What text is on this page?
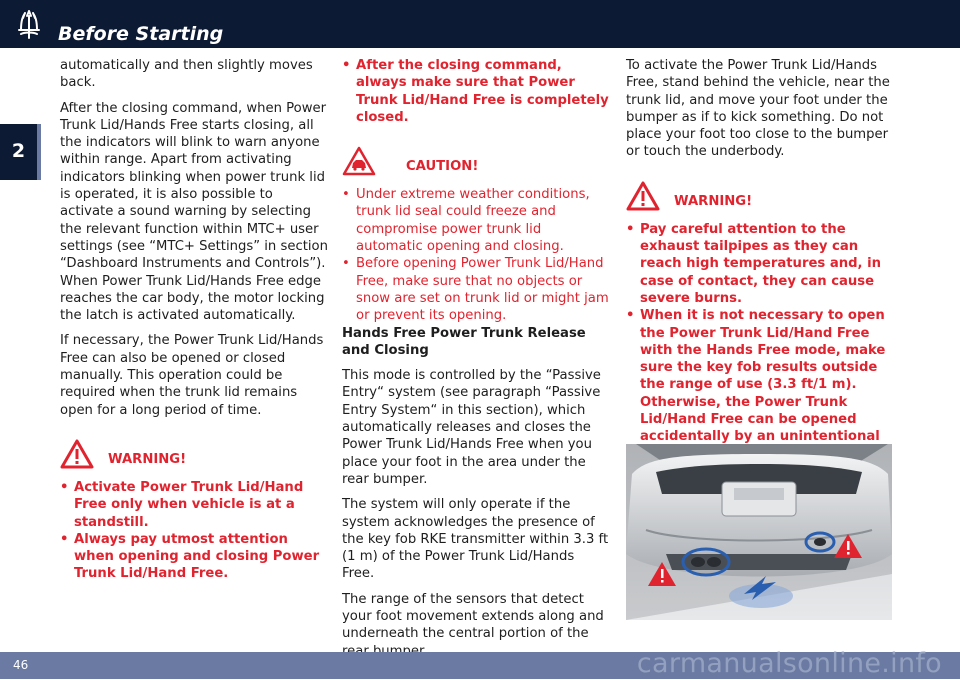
Before Starting
2

automatically and then slightly moves back.

After the closing command, when Power Trunk Lid/Hands Free starts closing, all the indicators will blink to warn anyone within range. Apart from activating indicators blinking when power trunk lid is operated, it is also possible to activate a sound warning by selecting the relevant function within MTC+ user settings (see “MTC+ Settings” in section “Dashboard Instruments and Controls”). When Power Trunk Lid/Hands Free edge reaches the car body, the motor locking the latch is activated automatically.

If necessary, the Power Trunk Lid/Hands Free can also be opened or closed manually. This operation could be required when the trunk lid remains open for a long period of time.

WARNING!
• Activate Power Trunk Lid/Hand Free only when vehicle is at a standstill.
• Always pay utmost attention when opening and closing Power Trunk Lid/Hand Free.
• After the closing command, always make sure that Power Trunk Lid/Hand Free is completely closed.
CAUTION!
• Under extreme weather conditions, trunk lid seal could freeze and compromise power trunk lid automatic opening and closing.
• Before opening Power Trunk Lid/Hand Free, make sure that no objects or snow are set on trunk lid or might jam or prevent its opening.

Hands Free Power Trunk Release and Closing

This mode is controlled by the “Passive Entry“ system (see paragraph “Passive Entry System“ in this section), which automatically releases and closes the Power Trunk Lid/Hands Free when you place your foot in the area under the rear bumper.

The system will only operate if the system acknowledges the presence of the key fob RKE transmitter within 3.3 ft (1 m) of the Power Trunk Lid/Hands Free.

The range of the sensors that detect your foot movement extends along and underneath the central portion of the

To activate the Power Trunk Lid/Hands Free, stand behind the vehicle, near the trunk lid, and move your foot under the bumper as if to kick something. Do not place your foot too close to the bumper or touch the underbody.

WARNING!
• Pay careful attention to the exhaust tailpipes as they can reach high temperatures and, in case of contact, they can cause severe burns.
• When it is not necessary to open the Power Trunk Lid/Hand Free with the Hands Free mode, make sure the key fob results outside the range of use (3.3 ft/1 m). Otherwise, the Power Trunk Lid/Hand Free can be opened accidentally by an unintentional
46	carmanualsonline.info
